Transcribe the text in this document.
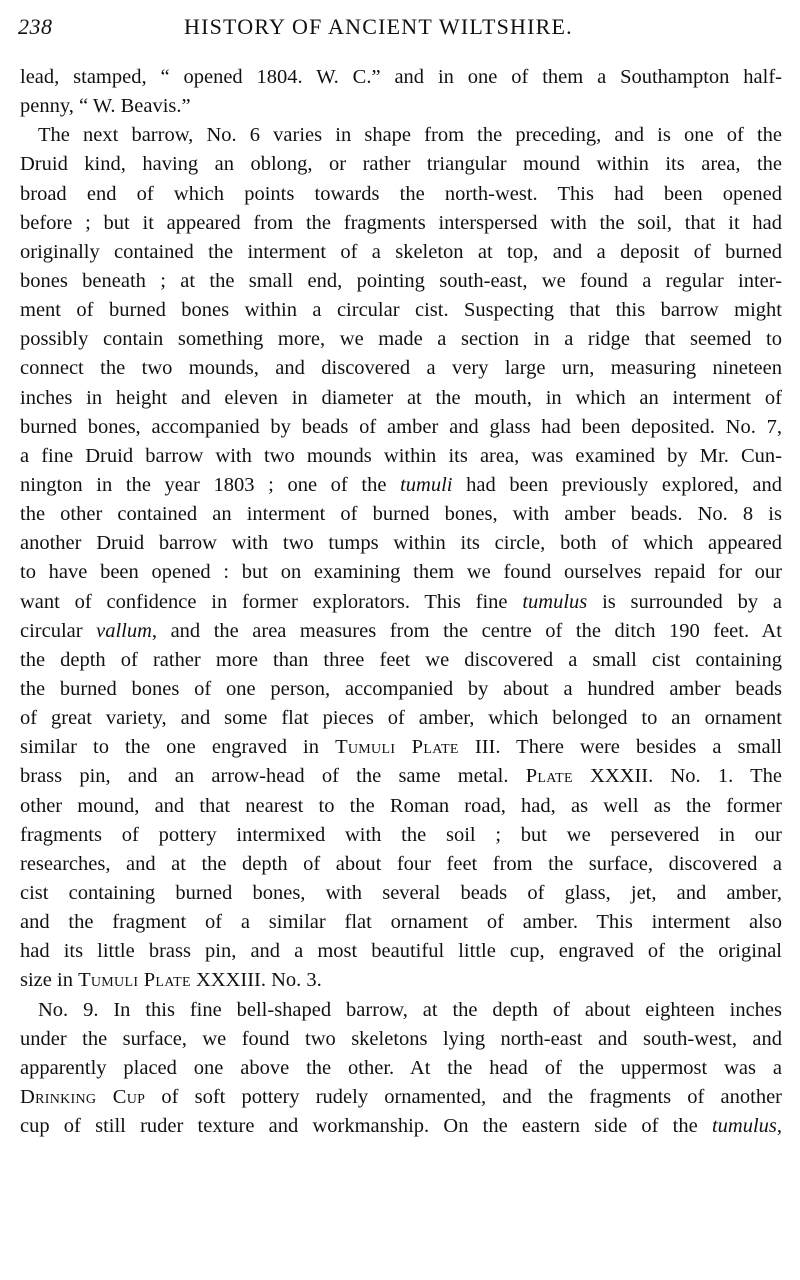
238	HISTORY OF ANCIENT WILTSHIRE.
lead, stamped, “ opened 1804. W. C.” and in one of them a Southampton half-
penny, “ W. Beavis.”
The next barrow, No. 6 varies in shape from the preceding, and is one of the
Druid kind, having an oblong, or rather triangular mound within its area, the
broad end of which points towards the north-west. This had been opened
before ; but it appeared from the fragments interspersed with the soil, that it had
originally contained the interment of a skeleton at top, and a deposit of burned
bones beneath ; at the small end, pointing south-east, we found a regular inter-
ment of burned bones within a circular cist. Suspecting that this barrow might
possibly contain something more, we made a section in a ridge that seemed to
connect the two mounds, and discovered a very large urn, measuring nineteen
inches in height and eleven in diameter at the mouth, in which an interment of
burned bones, accompanied by beads of amber and glass had been deposited. No. 7,
a fine Druid barrow with two mounds within its area, was examined by Mr. Cun-
nington in the year 1803 ; one of the tumuli had been previously explored, and
the other contained an interment of burned bones, with amber beads. No. 8 is
another Druid barrow with two tumps within its circle, both of which appeared
to have been opened : but on examining them we found ourselves repaid for our
want of confidence in former explorators. This fine tumulus is surrounded by a
circular vallum, and the area measures from the centre of the ditch 190 feet. At
the depth of rather more than three feet we discovered a small cist containing
the burned bones of one person, accompanied by about a hundred amber beads
of great variety, and some flat pieces of amber, which belonged to an ornament
similar to the one engraved in Tumuli Plate III. There were besides a small
brass pin, and an arrow-head of the same metal. Plate XXXII. No. 1. The
other mound, and that nearest to the Roman road, had, as well as the former
fragments of pottery intermixed with the soil ; but we persevered in our
researches, and at the depth of about four feet from the surface, discovered a
cist containing burned bones, with several beads of glass, jet, and amber,
and the fragment of a similar flat ornament of amber. This interment also
had its little brass pin, and a most beautiful little cup, engraved of the original
size in Tumuli Plate XXXIII. No. 3.
No. 9. In this fine bell-shaped barrow, at the depth of about eighteen inches
under the surface, we found two skeletons lying north-east and south-west, and
apparently placed one above the other. At the head of the uppermost was a
Drinking Cup of soft pottery rudely ornamented, and the fragments of another
cup of still ruder texture and workmanship. On the eastern side of the tumulus,
